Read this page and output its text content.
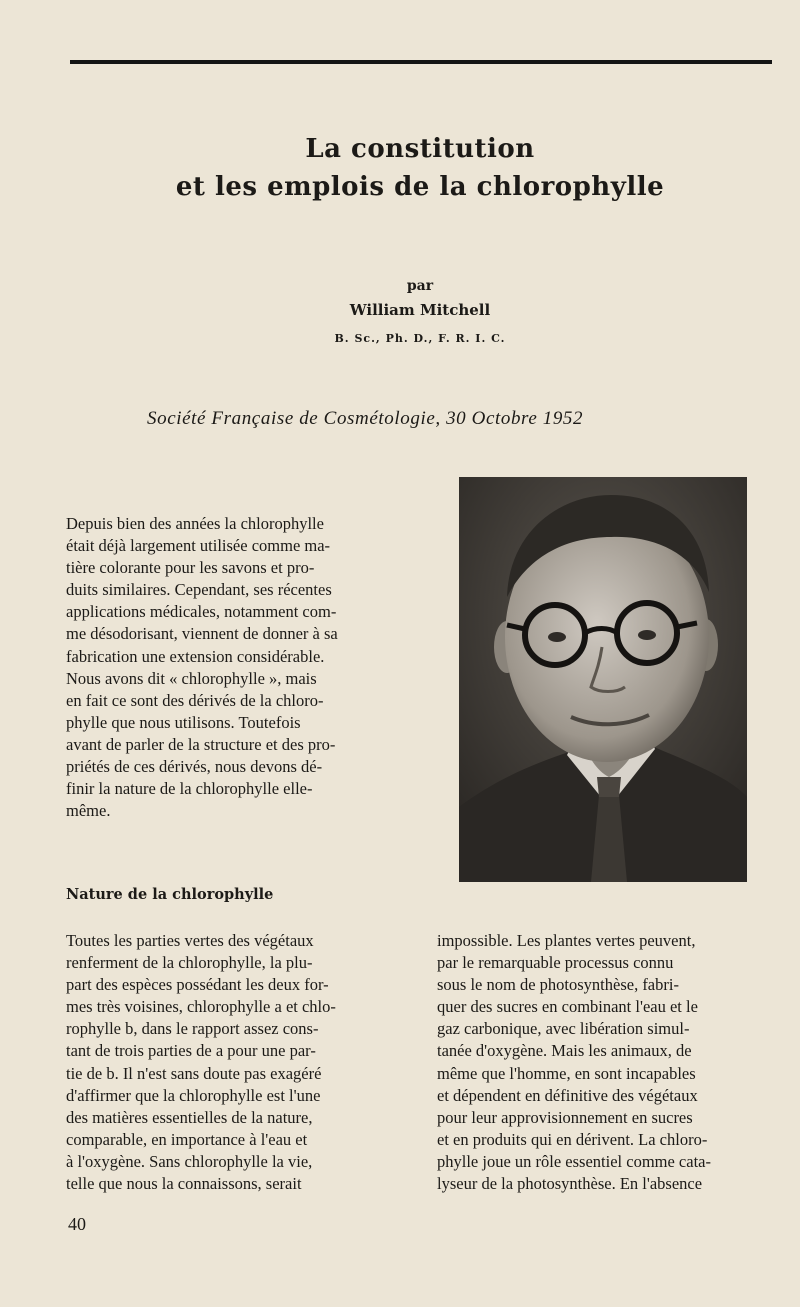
La constitution
et les emplois de la chlorophylle
par
William Mitchell
B. Sc., Ph. D., F. R. I. C.
Société Française de Cosmétologie, 30 Octobre 1952
Depuis bien des années la chlorophylle
était déjà largement utilisée comme ma-
tière colorante pour les savons et pro-
duits similaires. Cependant, ses récentes
applications médicales, notamment com-
me désodorisant, viennent de donner à sa
fabrication une extension considérable.
Nous avons dit « chlorophylle », mais
en fait ce sont des dérivés de la chloro-
phylle que nous utilisons. Toutefois
avant de parler de la structure et des pro-
priétés de ces dérivés, nous devons dé-
finir la nature de la chlorophylle elle-
même.
Nature de la chlorophylle
Toutes les parties vertes des végétaux
renferment de la chlorophylle, la plu-
part des espèces possédant les deux for-
mes très voisines, chlorophylle a et chlo-
rophylle b, dans le rapport assez cons-
tant de trois parties de a pour une par-
tie de b. Il n'est sans doute pas exagéré
d'affirmer que la chlorophylle est l'une
des matières essentielles de la nature,
comparable, en importance à l'eau et
à l'oxygène. Sans chlorophylle la vie,
telle que nous la connaissons, serait
impossible. Les plantes vertes peuvent,
par le remarquable processus connu
sous le nom de photosynthèse, fabri-
quer des sucres en combinant l'eau et le
gaz carbonique, avec libération simul-
tanée d'oxygène. Mais les animaux, de
même que l'homme, en sont incapables
et dépendent en définitive des végétaux
pour leur approvisionnement en sucres
et en produits qui en dérivent. La chloro-
phylle joue un rôle essentiel comme cata-
lyseur de la photosynthèse. En l'absence
40
